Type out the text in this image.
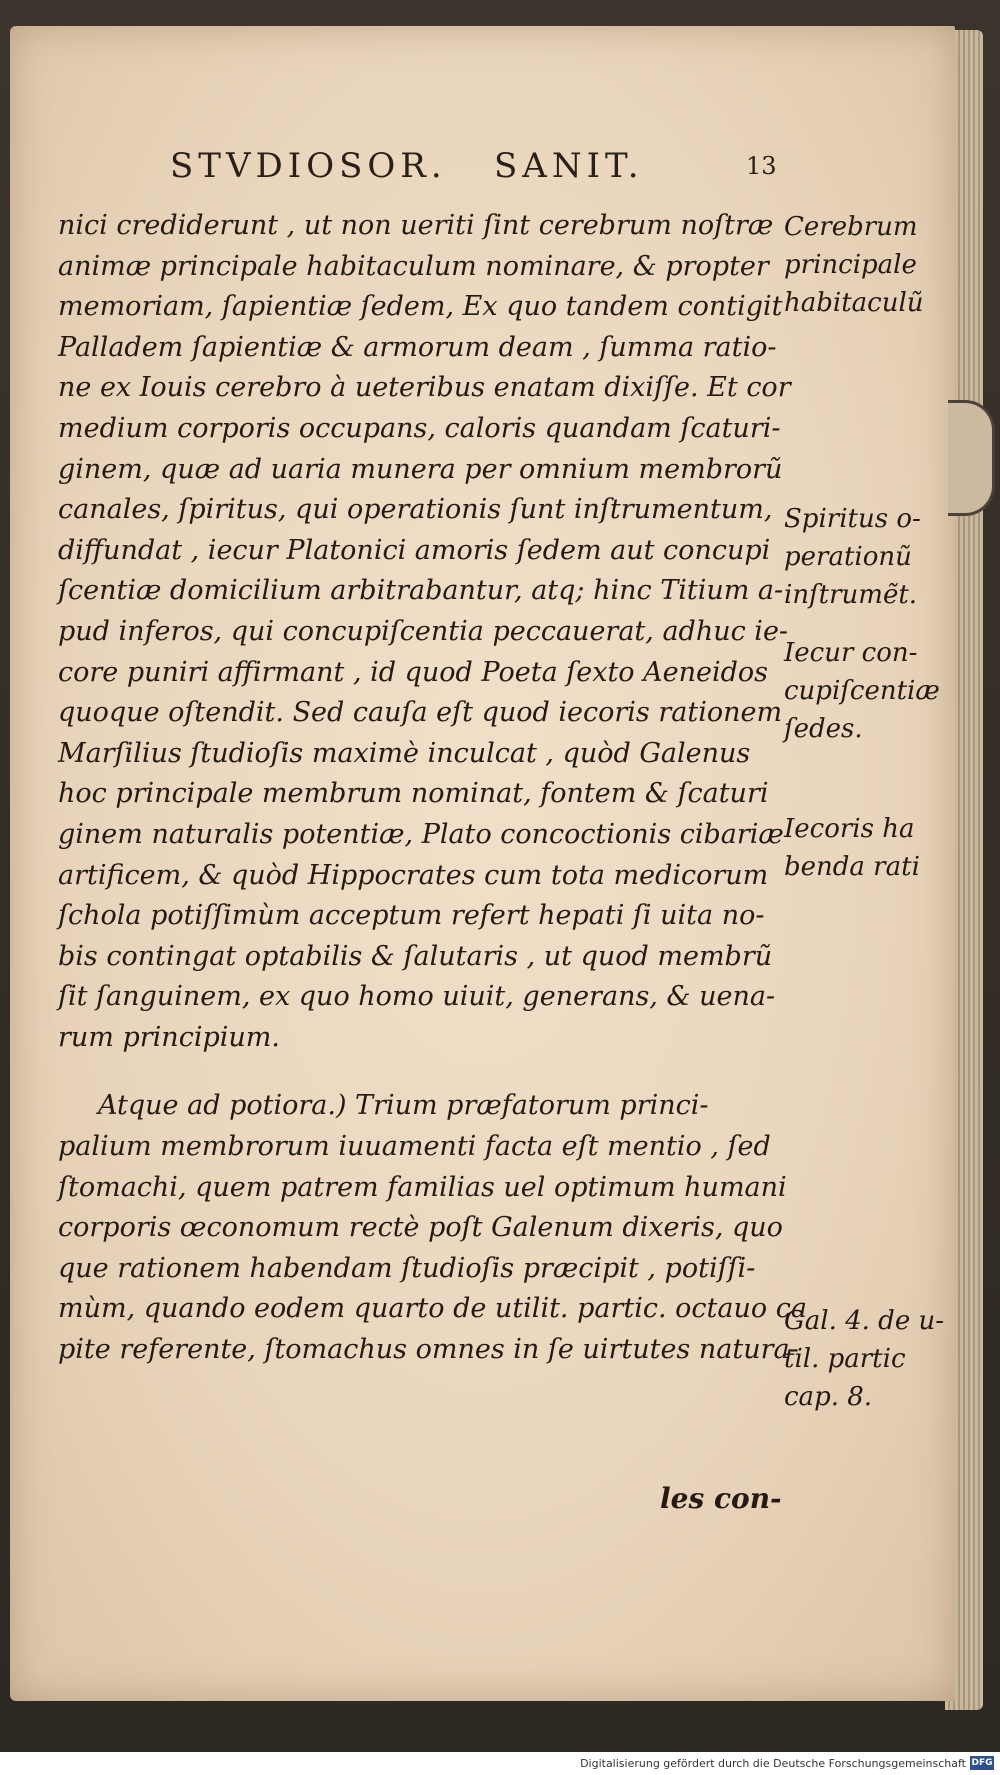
STVDIOSOR. SANIT.	13
nici crediderunt , ut non ueriti ſint cerebrum noſtræ
animæ principale habitaculum nominare, & propter
memoriam, ſapientiæ ſedem, Ex quo tandem contigit
Palladem ſapientiæ & armorum deam , ſumma ratio-
ne ex Iouis cerebro à ueteribus enatam dixiſſe. Et cor
medium corporis occupans, caloris quandam ſcaturi-
ginem, quæ ad uaria munera per omnium membrorũ
canales, ſpiritus, qui operationis ſunt inſtrumentum,
diffundat , iecur Platonici amoris ſedem aut concupi
ſcentiæ domicilium arbitrabantur, atq; hinc Titium a-
pud inferos, qui concupiſcentia peccauerat, adhuc ie-
core puniri affirmant , id quod Poeta ſexto Aeneidos
quoque oſtendit. Sed cauſa eſt quod iecoris rationem
Marſilius ſtudioſis maximè inculcat , quòd Galenus
hoc principale membrum nominat, fontem & ſcaturi
ginem naturalis potentiæ, Plato concoctionis cibariæ
artificem, & quòd Hippocrates cum tota medicorum
ſchola potiſſimùm acceptum refert hepati ſi uita no-
bis contingat optabilis & ſalutaris , ut quod membrũ
ſit ſanguinem, ex quo homo uiuit, generans, & uena-
rum principium.
Atque ad potiora.) Trium præfatorum princi-
palium membrorum iuuamenti facta eſt mentio , ſed
ſtomachi, quem patrem familias uel optimum humani
corporis œconomum rectè poſt Galenum dixeris, quo
que rationem habendam ſtudioſis præcipit , potiſſi-
mùm, quando eodem quarto de utilit. partic. octauo ca
pite referente, ſtomachus omnes in ſe uirtutes natura-
les con-
Cerebrum
principale
habitaculũ
Spiritus o-
perationũ
inſtrumẽt.
Iecur con-
cupiſcentiæ
ſedes.
Iecoris ha
benda rati
Gal. 4. de u-
til. partic
cap. 8.
Digitalisierung gefördert durch die Deutsche Forschungsgemeinschaft DFG
